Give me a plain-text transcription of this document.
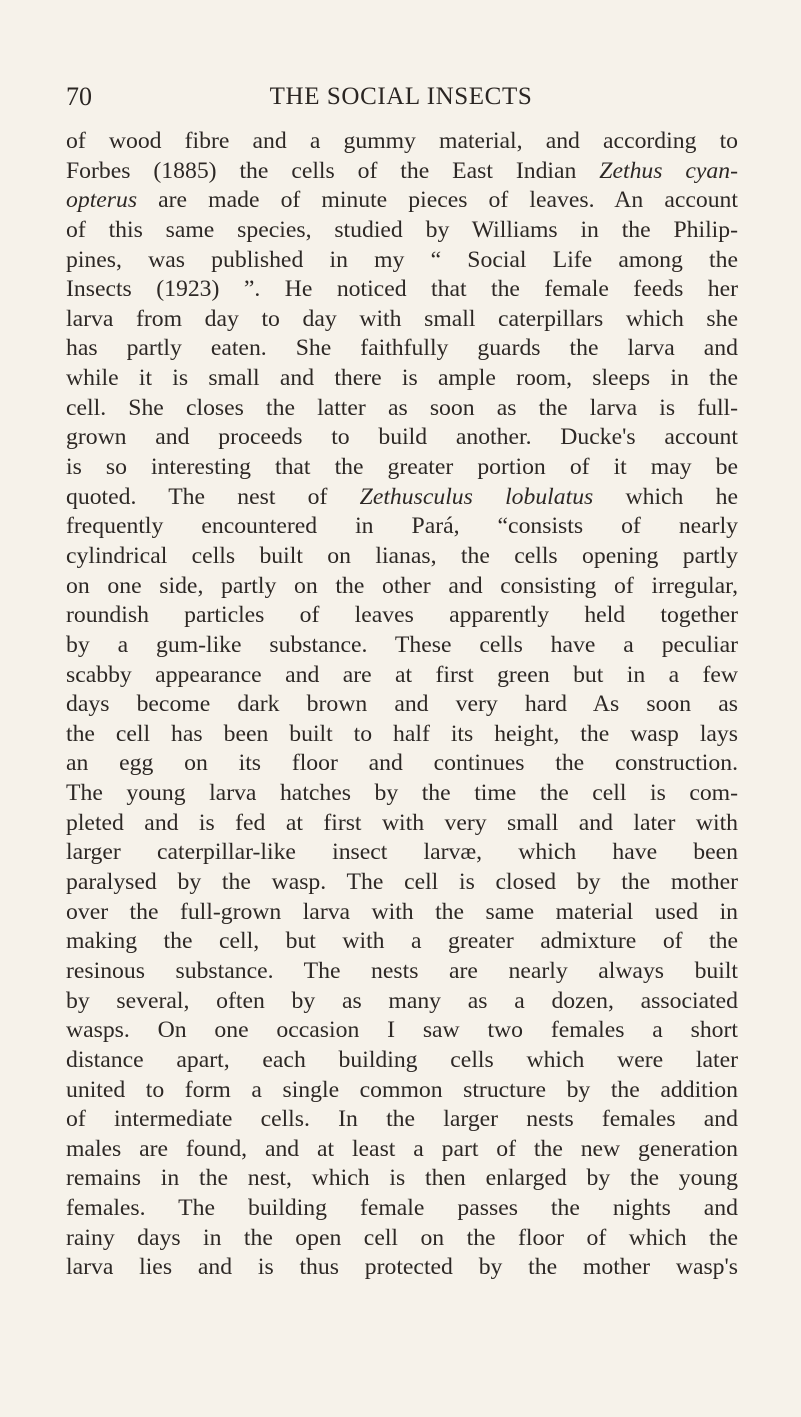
70	THE SOCIAL INSECTS

of wood fibre and a gummy material, and according to
Forbes (1885) the cells of the East Indian Zethus cyan-
opterus are made of minute pieces of leaves. An account
of this same species, studied by Williams in the Philip-
pines, was published in my “ Social Life among the
Insects (1923) ”. He noticed that the female feeds her
larva from day to day with small caterpillars which she
has partly eaten. She faithfully guards the larva and
while it is small and there is ample room, sleeps in the
cell. She closes the latter as soon as the larva is full-
grown and proceeds to build another. Ducke's account
is so interesting that the greater portion of it may be
quoted. The nest of Zethusculus lobulatus which he
frequently encountered in Pará, “consists of nearly
cylindrical cells built on lianas, the cells opening partly
on one side, partly on the other and consisting of irregular,
roundish particles of leaves apparently held together
by a gum-like substance. These cells have a peculiar
scabby appearance and are at first green but in a few
days become dark brown and very hard As soon as
the cell has been built to half its height, the wasp lays
an egg on its floor and continues the construction.
The young larva hatches by the time the cell is com-
pleted and is fed at first with very small and later with
larger caterpillar-like insect larvæ, which have been
paralysed by the wasp. The cell is closed by the mother
over the full-grown larva with the same material used in
making the cell, but with a greater admixture of the
resinous substance. The nests are nearly always built
by several, often by as many as a dozen, associated
wasps. On one occasion I saw two females a short
distance apart, each building cells which were later
united to form a single common structure by the addition
of intermediate cells. In the larger nests females and
males are found, and at least a part of the new generation
remains in the nest, which is then enlarged by the young
females. The building female passes the nights and
rainy days in the open cell on the floor of which the
larva lies and is thus protected by the mother wasp's
